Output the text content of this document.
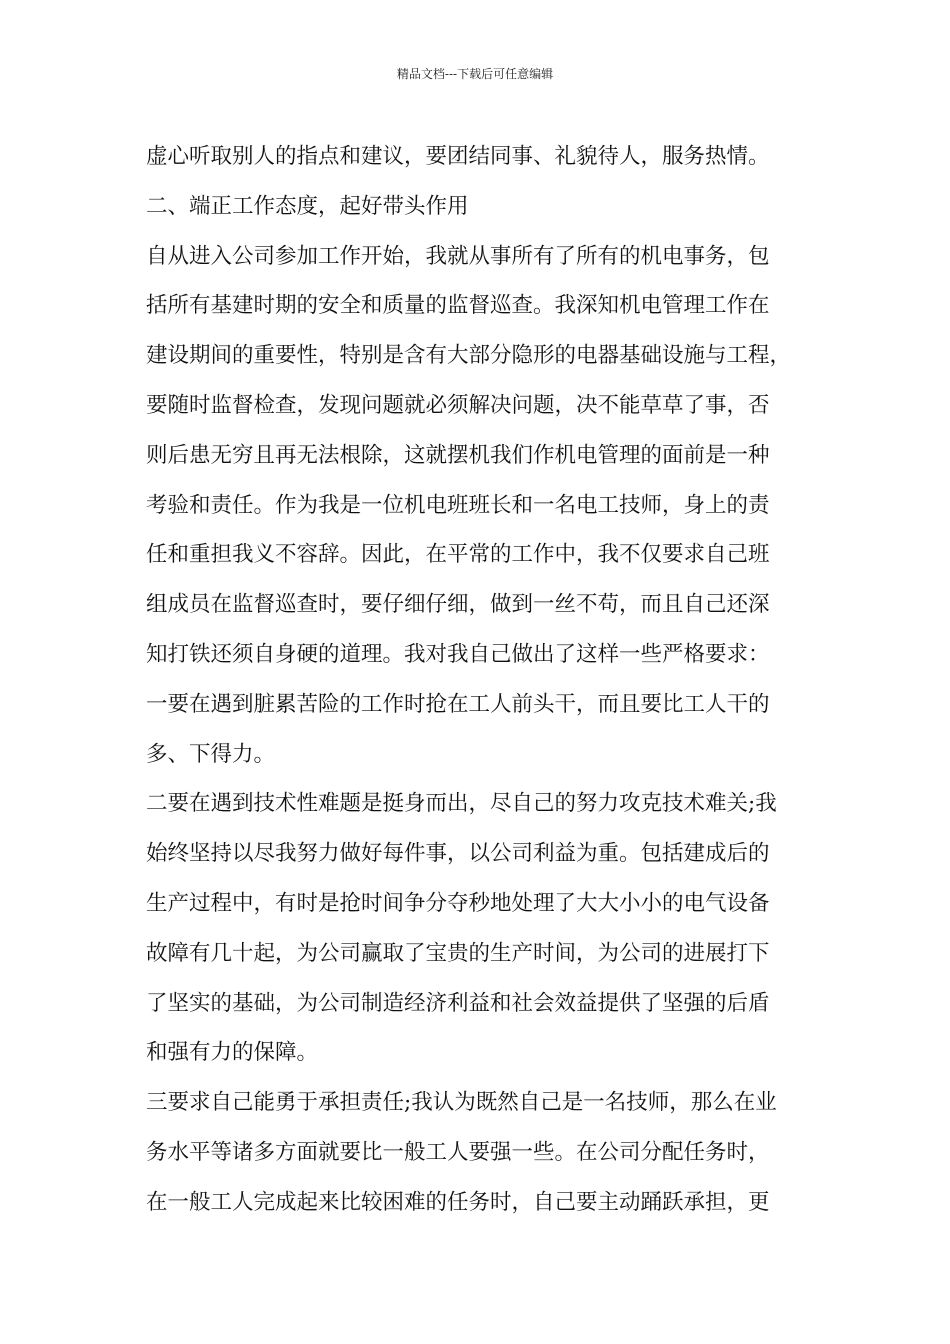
精品文档---下载后可任意编辑
虚心听取别人的指点和建议，要团结同事、礼貌待人，服务热情。
二、端正工作态度，起好带头作用
自从进入公司参加工作开始，我就从事所有了所有的机电事务，包
括所有基建时期的安全和质量的监督巡查。我深知机电管理工作在
建设期间的重要性，特别是含有大部分隐形的电器基础设施与工程，
要随时监督检查，发现问题就必须解决问题，决不能草草了事，否
则后患无穷且再无法根除，这就摆机我们作机电管理的面前是一种
考验和责任。作为我是一位机电班班长和一名电工技师，身上的责
任和重担我义不容辞。因此，在平常的工作中，我不仅要求自己班
组成员在监督巡查时，要仔细仔细，做到一丝不苟，而且自己还深
知打铁还须自身硬的道理。我对我自己做出了这样一些严格要求：
一要在遇到脏累苦险的工作时抢在工人前头干，而且要比工人干的
多、下得力。
二要在遇到技术性难题是挺身而出，尽自己的努力攻克技术难关;我
始终坚持以尽我努力做好每件事，以公司利益为重。包括建成后的
生产过程中，有时是抢时间争分夺秒地处理了大大小小的电气设备
故障有几十起，为公司赢取了宝贵的生产时间，为公司的进展打下
了坚实的基础，为公司制造经济利益和社会效益提供了坚强的后盾
和强有力的保障。
三要求自己能勇于承担责任;我认为既然自己是一名技师，那么在业
务水平等诸多方面就要比一般工人要强一些。在公司分配任务时，
在一般工人完成起来比较困难的任务时，自己要主动踊跃承担，更
